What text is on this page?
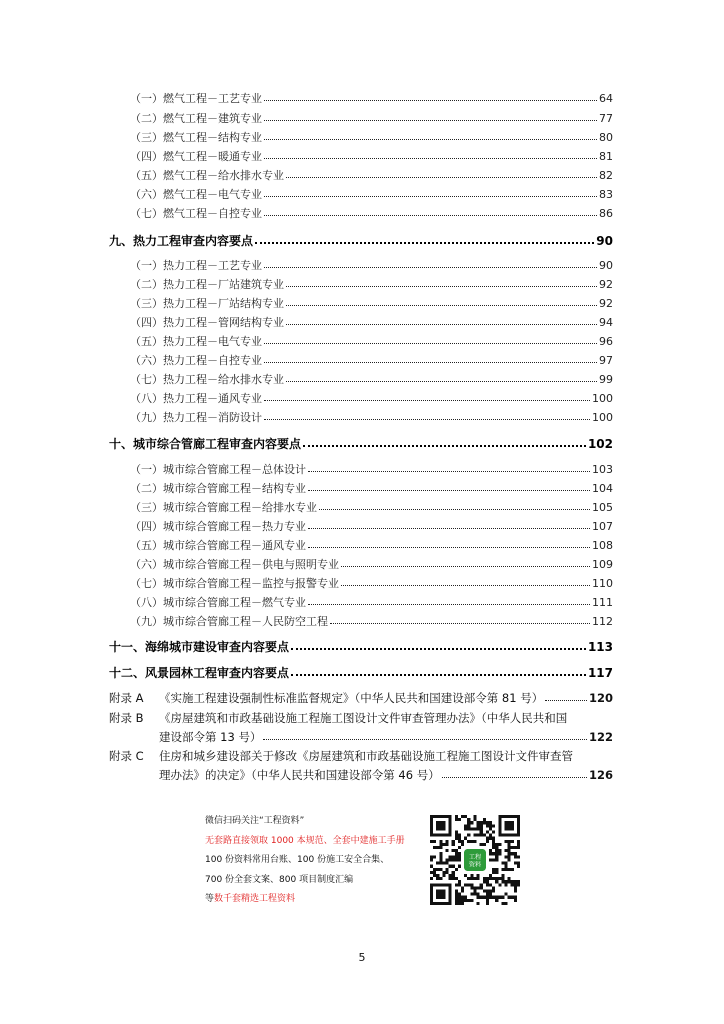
（一）燃气工程－工艺专业	64
（二）燃气工程－建筑专业	77
（三）燃气工程－结构专业	80
（四）燃气工程－暖通专业	81
（五）燃气工程－给水排水专业	82
（六）燃气工程－电气专业	83
（七）燃气工程－自控专业	86
九、热力工程审查内容要点	90
（一）热力工程－工艺专业	90
（二）热力工程－厂站建筑专业	92
（三）热力工程－厂站结构专业	92
（四）热力工程－管网结构专业	94
（五）热力工程－电气专业	96
（六）热力工程－自控专业	97
（七）热力工程－给水排水专业	99
（八）热力工程－通风专业	100
（九）热力工程－消防设计	100
十、城市综合管廊工程审查内容要点	102
（一）城市综合管廊工程－总体设计	103
（二）城市综合管廊工程－结构专业	104
（三）城市综合管廊工程－给排水专业	105
（四）城市综合管廊工程－热力专业	107
（五）城市综合管廊工程－通风专业	108
（六）城市综合管廊工程－供电与照明专业	109
（七）城市综合管廊工程－监控与报警专业	110
（八）城市综合管廊工程－燃气专业	111
（九）城市综合管廊工程－人民防空工程	112
十一、海绵城市建设审查内容要点	113
十二、风景园林工程审查内容要点	117
附录 A 《实施工程建设强制性标准监督规定》（中华人民共和国建设部令第 81 号）	120
附录 B 《房屋建筑和市政基础设施工程施工图设计文件审查管理办法》（中华人民共和国
建设部令第 13 号）	122
附录 C 住房和城乡建设部关于修改《房屋建筑和市政基础设施工程施工图设计文件审查管
理办法》的决定》（中华人民共和国建设部令第 46 号）	126
微信扫码关注“工程资料”
无套路直接领取 1000 本规范、全套中建施工手册
100 份资料常用台账、100 份施工安全合集、
700 份全套文案、800 项目制度汇编
等数千套精选工程资料
工程
资料
5
